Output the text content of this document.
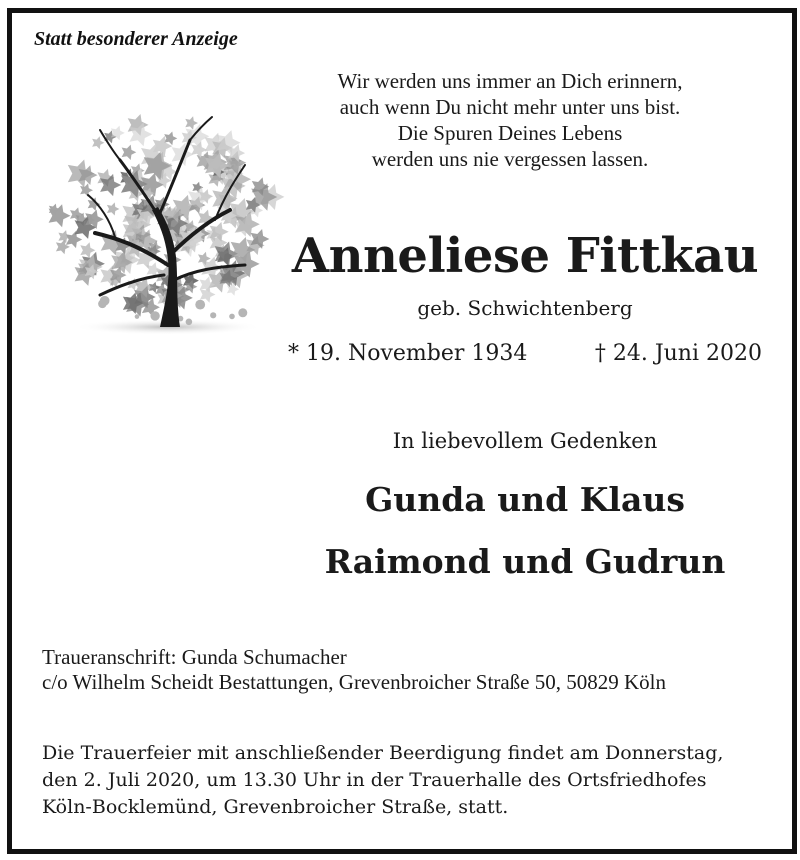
Statt besonderer Anzeige
Wir werden uns immer an Dich erinnern,
auch wenn Du nicht mehr unter uns bist.
Die Spuren Deines Lebens
werden uns nie vergessen lassen.
Anneliese Fittkau
geb. Schwichtenberg
* 19. November 1934	† 24. Juni 2020
In liebevollem Gedenken
Gunda und Klaus
Raimond und Gudrun
Traueranschrift: Gunda Schumacher
c/o Wilhelm Scheidt Bestattungen, Grevenbroicher Straße 50, 50829 Köln
Die Trauerfeier mit anschließender Beerdigung findet am Donnerstag,
den 2. Juli 2020, um 13.30 Uhr in der Trauerhalle des Ortsfriedhofes
Köln-Bocklemünd, Grevenbroicher Straße, statt.
